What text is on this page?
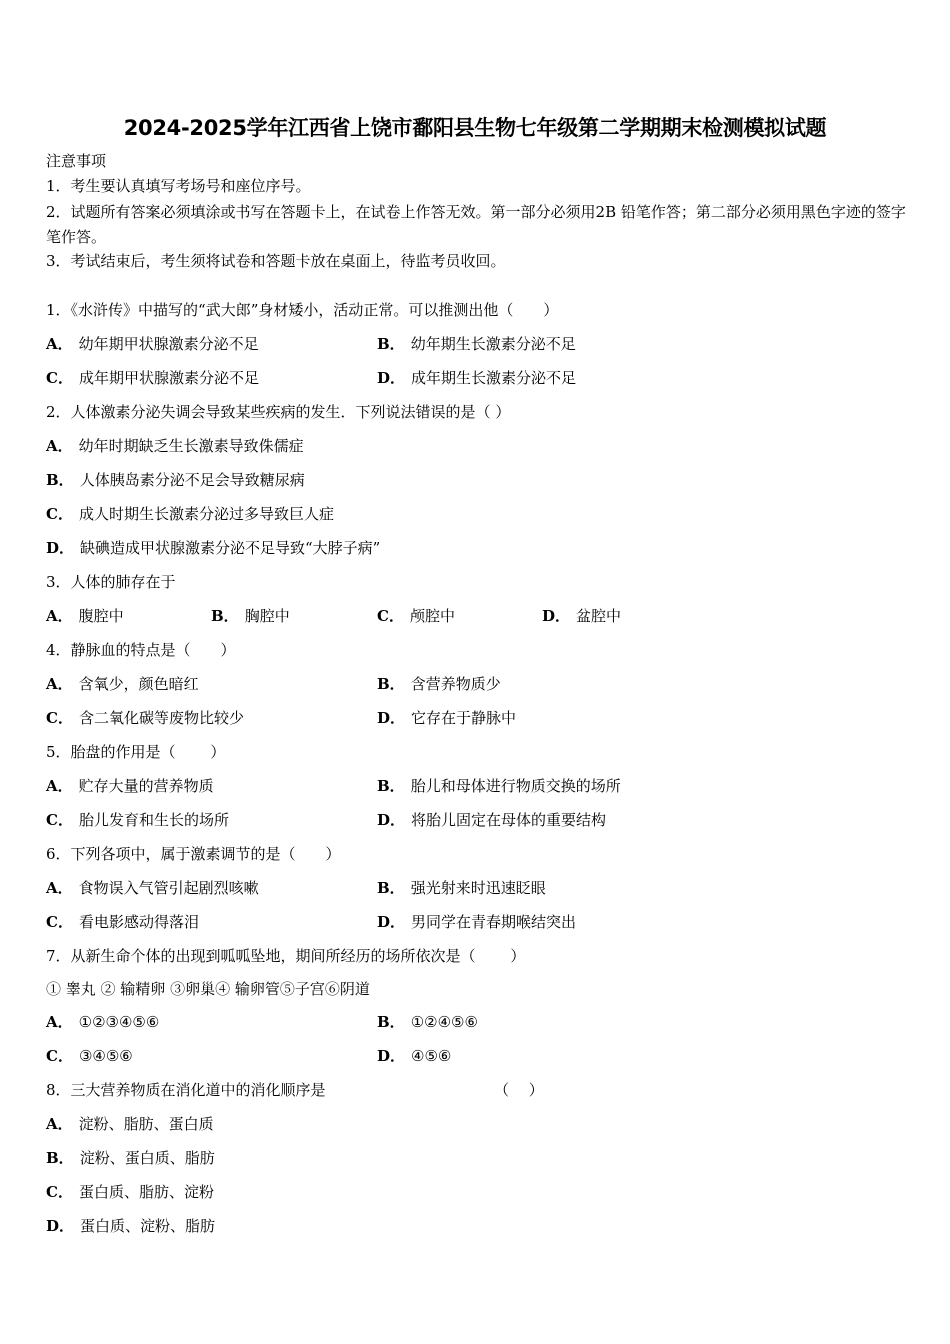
2024-2025学年江西省上饶市鄱阳县生物七年级第二学期期末检测模拟试题
注意事项
1．考生要认真填写考场号和座位序号。
2．试题所有答案必须填涂或书写在答题卡上，在试卷上作答无效。第一部分必须用2B 铅笔作答；第二部分必须用黑色字迹的签字笔作答。
3．考试结束后，考生须将试卷和答题卡放在桌面上，待监考员收回。
1．《水浒传》中描写的“武大郎”身材矮小，活动正常。可以推测出他（　　）
A． 幼年期甲状腺激素分泌不足	B． 幼年期生长激素分泌不足
C． 成年期甲状腺激素分泌不足	D． 成年期生长激素分泌不足
2．人体激素分泌失调会导致某些疾病的发生．下列说法错误的是（ ）
A． 幼年时期缺乏生长激素导致侏儒症
B． 人体胰岛素分泌不足会导致糖尿病
C． 成人时期生长激素分泌过多导致巨人症
D． 缺碘造成甲状腺激素分泌不足导致“大脖子病”
3．人体的肺存在于
A． 腹腔中	B． 胸腔中	C． 颅腔中	D． 盆腔中
4．静脉血的特点是（　　）
A． 含氧少，颜色暗红	B． 含营养物质少
C． 含二氧化碳等废物比较少	D． 它存在于静脉中
5．胎盘的作用是（　　 ）
A． 贮存大量的营养物质	B． 胎儿和母体进行物质交换的场所
C． 胎儿发育和生长的场所	D． 将胎儿固定在母体的重要结构
6．下列各项中，属于激素调节的是（　　）
A． 食物误入气管引起剧烈咳嗽	B． 强光射来时迅速眨眼
C． 看电影感动得落泪	D． 男同学在青春期喉结突出
7．从新生命个体的出现到呱呱坠地，期间所经历的场所依次是（　　 ）
① 睾丸 ② 输精卵 ③卵巢④ 输卵管⑤子宫⑥阴道
A． ①②③④⑤⑥	B． ①②④⑤⑥
C． ③④⑤⑥	D． ④⑤⑥
8．三大营养物质在消化道中的消化顺序是	（　 ）
A． 淀粉、脂肪、蛋白质
B． 淀粉、蛋白质、脂肪
C． 蛋白质、脂肪、淀粉
D． 蛋白质、淀粉、脂肪
